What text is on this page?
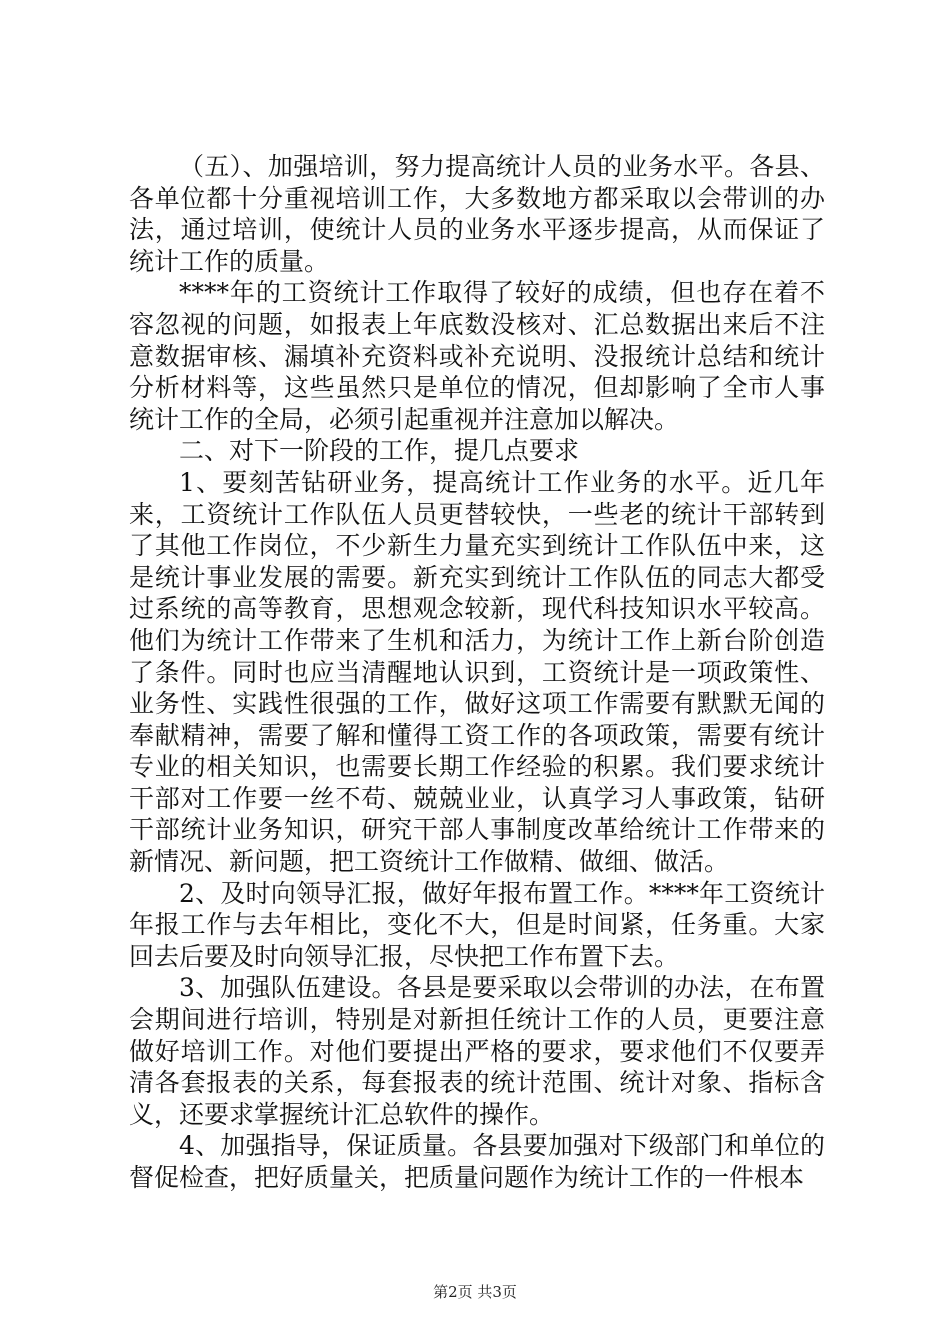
（五）、加强培训，努力提高统计人员的业务水平。各县、各单位都十分重视培训工作，大多数地方都采取以会带训的办法，通过培训，使统计人员的业务水平逐步提高，从而保证了统计工作的质量。

****年的工资统计工作取得了较好的成绩，但也存在着不容忽视的问题，如报表上年底数没核对、汇总数据出来后不注意数据审核、漏填补充资料或补充说明、没报统计总结和统计分析材料等，这些虽然只是单位的情况，但却影响了全市人事统计工作的全局，必须引起重视并注意加以解决。

二、对下一阶段的工作，提几点要求

1、要刻苦钻研业务，提高统计工作业务的水平。近几年来，工资统计工作队伍人员更替较快，一些老的统计干部转到了其他工作岗位，不少新生力量充实到统计工作队伍中来，这是统计事业发展的需要。新充实到统计工作队伍的同志大都受过系统的高等教育，思想观念较新，现代科技知识水平较高。他们为统计工作带来了生机和活力，为统计工作上新台阶创造了条件。同时也应当清醒地认识到，工资统计是一项政策性、业务性、实践性很强的工作，做好这项工作需要有默默无闻的奉献精神，需要了解和懂得工资工作的各项政策，需要有统计专业的相关知识，也需要长期工作经验的积累。我们要求统计干部对工作要一丝不苟、兢兢业业，认真学习人事政策，钻研干部统计业务知识，研究干部人事制度改革给统计工作带来的新情况、新问题，把工资统计工作做精、做细、做活。

2、及时向领导汇报，做好年报布置工作。****年工资统计年报工作与去年相比，变化不大，但是时间紧，任务重。大家回去后要及时向领导汇报，尽快把工作布置下去。

3、加强队伍建设。各县是要采取以会带训的办法，在布置会期间进行培训，特别是对新担任统计工作的人员，更要注意做好培训工作。对他们要提出严格的要求，要求他们不仅要弄清各套报表的关系，每套报表的统计范围、统计对象、指标含义，还要求掌握统计汇总软件的操作。

4、加强指导，保证质量。各县要加强对下级部门和单位的督促检查，把好质量关，把质量问题作为统计工作的一件根本

第2页 共3页
